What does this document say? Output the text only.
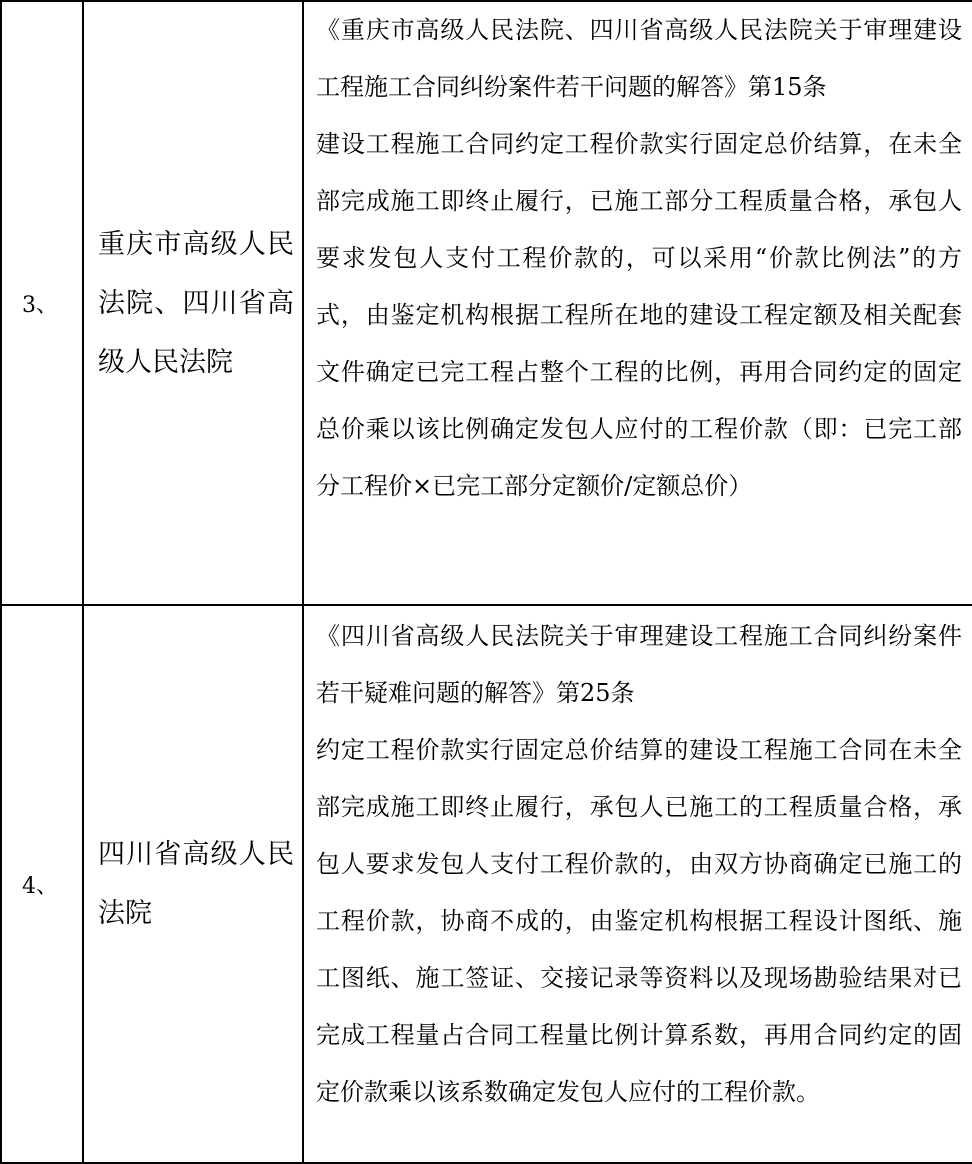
3、	重庆市高级人民法院、四川省高级人民法院	《重庆市高级人民法院、四川省高级人民法院关于审理建设工程施工合同纠纷案件若干问题的解答》第15条

建设工程施工合同约定工程价款实行固定总价结算，在未全部完成施工即终止履行，已施工部分工程质量合格，承包人要求发包人支付工程价款的，可以采用“价款比例法”的方式，由鉴定机构根据工程所在地的建设工程定额及相关配套文件确定已完工程占整个工程的比例，再用合同约定的固定总价乘以该比例确定发包人应付的工程价款（即：已完工部分工程价×已完工部分定额价/定额总价）

4、	四川省高级人民法院	《四川省高级人民法院关于审理建设工程施工合同纠纷案件若干疑难问题的解答》第25条

约定工程价款实行固定总价结算的建设工程施工合同在未全部完成施工即终止履行，承包人已施工的工程质量合格，承包人要求发包人支付工程价款的，由双方协商确定已施工的工程价款，协商不成的，由鉴定机构根据工程设计图纸、施工图纸、施工签证、交接记录等资料以及现场勘验结果对已完成工程量占合同工程量比例计算系数，再用合同约定的固定价款乘以该系数确定发包人应付的工程价款。
